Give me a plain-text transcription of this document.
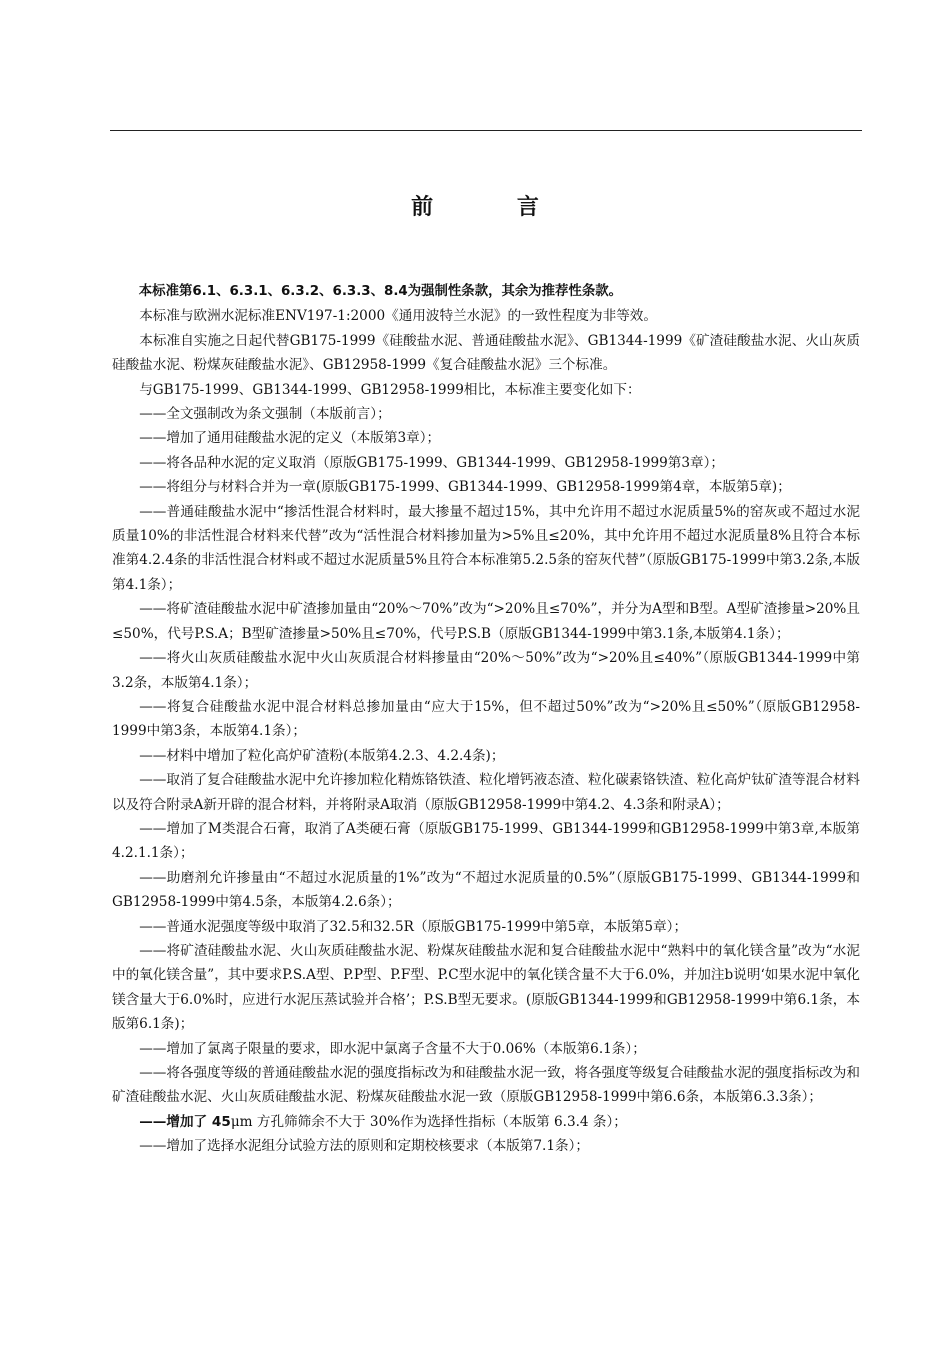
前 言

本标准第6.1、6.3.1、6.3.2、6.3.3、8.4为强制性条款，其余为推荐性条款。

本标准与欧洲水泥标准ENV197-1:2000《通用波特兰水泥》的一致性程度为非等效。

本标准自实施之日起代替GB175-1999《硅酸盐水泥、普通硅酸盐水泥》、GB1344-1999《矿渣硅酸盐水泥、火山灰质硅酸盐水泥、粉煤灰硅酸盐水泥》、GB12958-1999《复合硅酸盐水泥》三个标准。

与GB175-1999、GB1344-1999、GB12958-1999相比，本标准主要变化如下：

——全文强制改为条文强制（本版前言）；

——增加了通用硅酸盐水泥的定义（本版第3章）；

——将各品种水泥的定义取消（原版GB175-1999、GB1344-1999、GB12958-1999第3章）；

——将组分与材料合并为一章(原版GB175-1999、GB1344-1999、GB12958-1999第4章，本版第5章)；

——普通硅酸盐水泥中“掺活性混合材料时，最大掺量不超过15%，其中允许用不超过水泥质量5%的窑灰或不超过水泥质量10%的非活性混合材料来代替”改为“活性混合材料掺加量为>5%且≤20%，其中允许用不超过水泥质量8%且符合本标准第4.2.4条的非活性混合材料或不超过水泥质量5%且符合本标准第5.2.5条的窑灰代替”（原版GB175-1999中第3.2条,本版第4.1条）；

——将矿渣硅酸盐水泥中矿渣掺加量由“20%～70%”改为“>20%且≤70%”，并分为A型和B型。A型矿渣掺量>20%且≤50%，代号P.S.A；B型矿渣掺量>50%且≤70%，代号P.S.B（原版GB1344-1999中第3.1条,本版第4.1条）；

——将火山灰质硅酸盐水泥中火山灰质混合材料掺量由“20%～50%”改为“>20%且≤40%”（原版GB1344-1999中第3.2条，本版第4.1条）；

——将复合硅酸盐水泥中混合材料总掺加量由“应大于15%，但不超过50%”改为“>20%且≤50%”（原版GB12958-1999中第3条，本版第4.1条）；

——材料中增加了粒化高炉矿渣粉(本版第4.2.3、4.2.4条)；

——取消了复合硅酸盐水泥中允许掺加粒化精炼铬铁渣、粒化增钙液态渣、粒化碳素铬铁渣、粒化高炉钛矿渣等混合材料以及符合附录A新开辟的混合材料，并将附录A取消（原版GB12958-1999中第4.2、4.3条和附录A）；

——增加了M类混合石膏，取消了A类硬石膏（原版GB175-1999、GB1344-1999和GB12958-1999中第3章,本版第4.2.1.1条）；

——助磨剂允许掺量由“不超过水泥质量的1%”改为“不超过水泥质量的0.5%”（原版GB175-1999、GB1344-1999和GB12958-1999中第4.5条，本版第4.2.6条）；

——普通水泥强度等级中取消了32.5和32.5R（原版GB175-1999中第5章，本版第5章）；

——将矿渣硅酸盐水泥、火山灰质硅酸盐水泥、粉煤灰硅酸盐水泥和复合硅酸盐水泥中“熟料中的氧化镁含量”改为“水泥中的氧化镁含量”，其中要求P.S.A型、P.P型、P.F型、P.C型水泥中的氧化镁含量不大于6.0%，并加注b说明‘如果水泥中氧化镁含量大于6.0%时，应进行水泥压蒸试验并合格’；P.S.B型无要求。(原版GB1344-1999和GB12958-1999中第6.1条，本版第6.1条)；

——增加了氯离子限量的要求，即水泥中氯离子含量不大于0.06%（本版第6.1条）；

——将各强度等级的普通硅酸盐水泥的强度指标改为和硅酸盐水泥一致，将各强度等级复合硅酸盐水泥的强度指标改为和矿渣硅酸盐水泥、火山灰质硅酸盐水泥、粉煤灰硅酸盐水泥一致（原版GB12958-1999中第6.6条，本版第6.3.3条）；

——增加了 45μm 方孔筛筛余不大于 30%作为选择性指标（本版第 6.3.4 条）；

——增加了选择水泥组分试验方法的原则和定期校核要求（本版第7.1条）；
